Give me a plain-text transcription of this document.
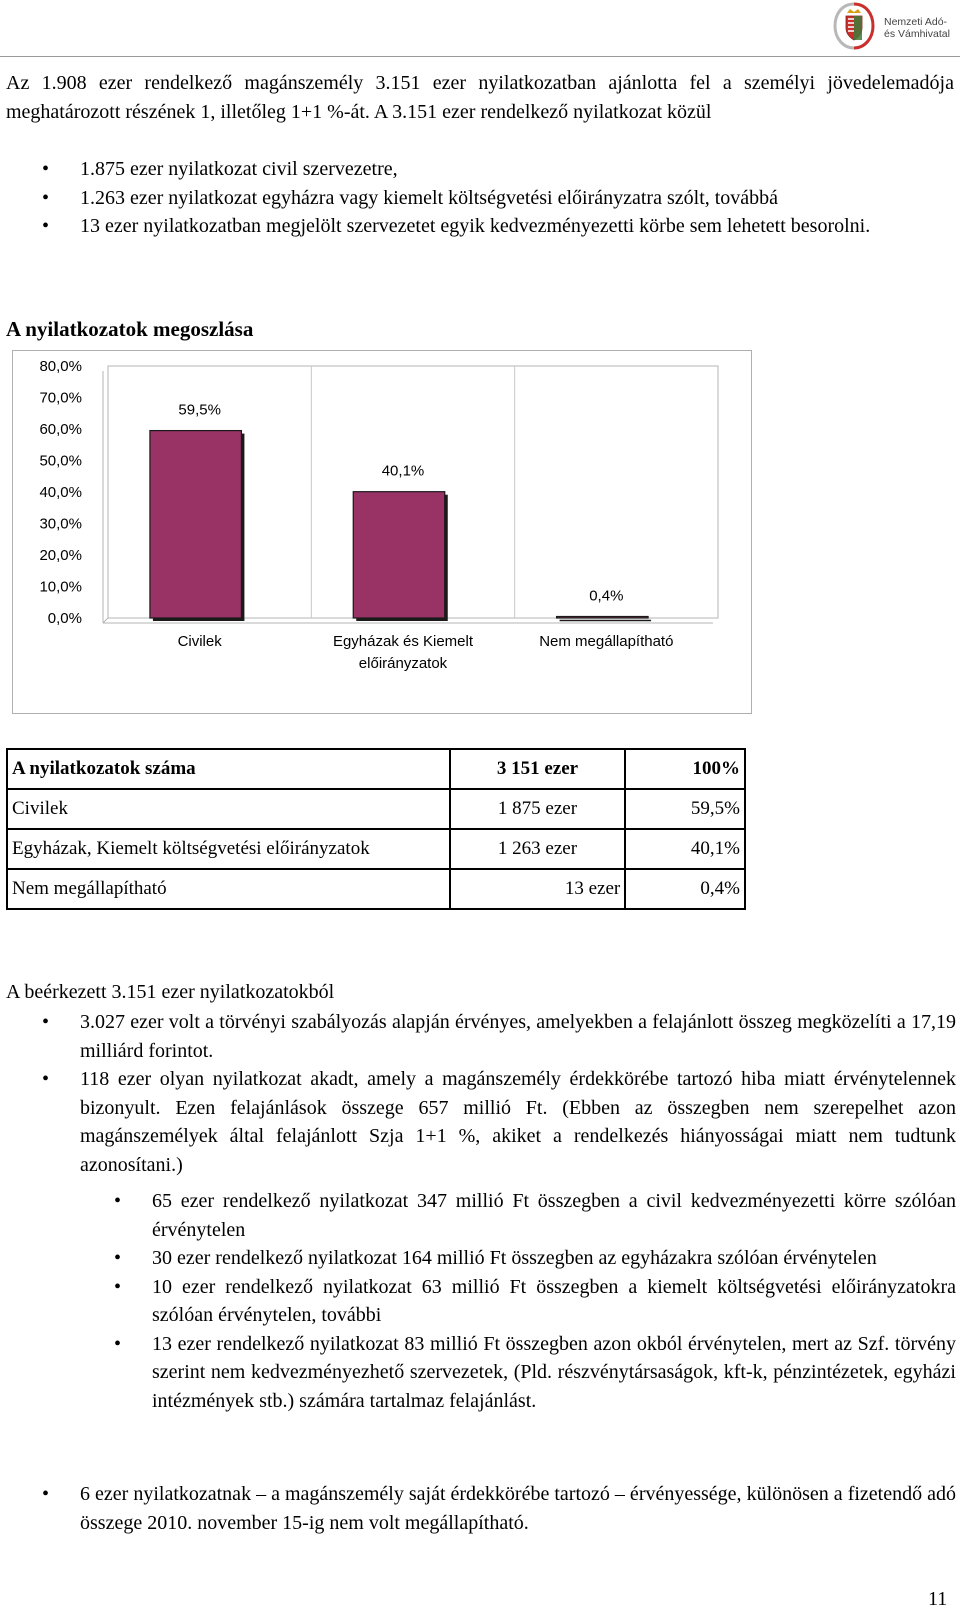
Nemzeti Adó-
és Vámhivatal
Az 1.908 ezer rendelkező magánszemély 3.151 ezer nyilatkozatban ajánlotta fel a személyi jövedelemadója meghatározott részének 1, illetőleg 1+1 %-át. A 3.151 ezer rendelkező nyilatkozat közül
• 1.875 ezer nyilatkozat civil szervezetre,
• 1.263 ezer nyilatkozat egyházra vagy kiemelt költségvetési előirányzatra szólt, továbbá
• 13 ezer nyilatkozatban megjelölt szervezetet egyik kedvezményezetti körbe sem lehetett besorolni.
A nyilatkozatok megoszlása
0,0%
10,0%
20,0%
30,0%
40,0%
50,0%
60,0%
70,0%
80,0%
59,5%
40,1%
0,4%
Civilek	Egyházak és Kiemelt
előirányzatok
Nem megállapítható
A nyilatkozatok száma	3 151 ezer	100%
Civilek	1 875 ezer	59,5%
Egyházak, Kiemelt költségvetési előirányzatok	1 263 ezer	40,1%
Nem megállapítható	13 ezer	0,4%
A beérkezett 3.151 ezer nyilatkozatokból
• 3.027 ezer volt a törvényi szabályozás alapján érvényes, amelyekben a felajánlott összeg megközelíti a 17,19 milliárd forintot.
• 118 ezer olyan nyilatkozat akadt, amely a magánszemély érdekkörébe tartozó hiba miatt érvénytelennek bizonyult. Ezen felajánlások összege 657 millió Ft. (Ebben az összegben nem szerepelhet azon magánszemélyek által felajánlott Szja 1+1 %, akiket a rendelkezés hiányosságai miatt nem tudtunk azonosítani.)
• 65 ezer rendelkező nyilatkozat 347 millió Ft összegben a civil kedvezményezetti körre szólóan érvénytelen
• 30 ezer rendelkező nyilatkozat 164 millió Ft összegben az egyházakra szólóan érvénytelen
• 10 ezer rendelkező nyilatkozat 63 millió Ft összegben a kiemelt költségvetési előirányzatokra szólóan érvénytelen, további
• 13 ezer rendelkező nyilatkozat 83 millió Ft összegben azon okból érvénytelen, mert az Szf. törvény szerint nem kedvezményezhető szervezetek, (Pld. részvénytársaságok, kft-k, pénzintézetek, egyházi intézmények stb.) számára tartalmaz felajánlást.
• 6 ezer nyilatkozatnak – a magánszemély saját érdekkörébe tartozó – érvényessége, különösen a fizetendő adó összege 2010. november 15-ig nem volt megállapítható.
11
